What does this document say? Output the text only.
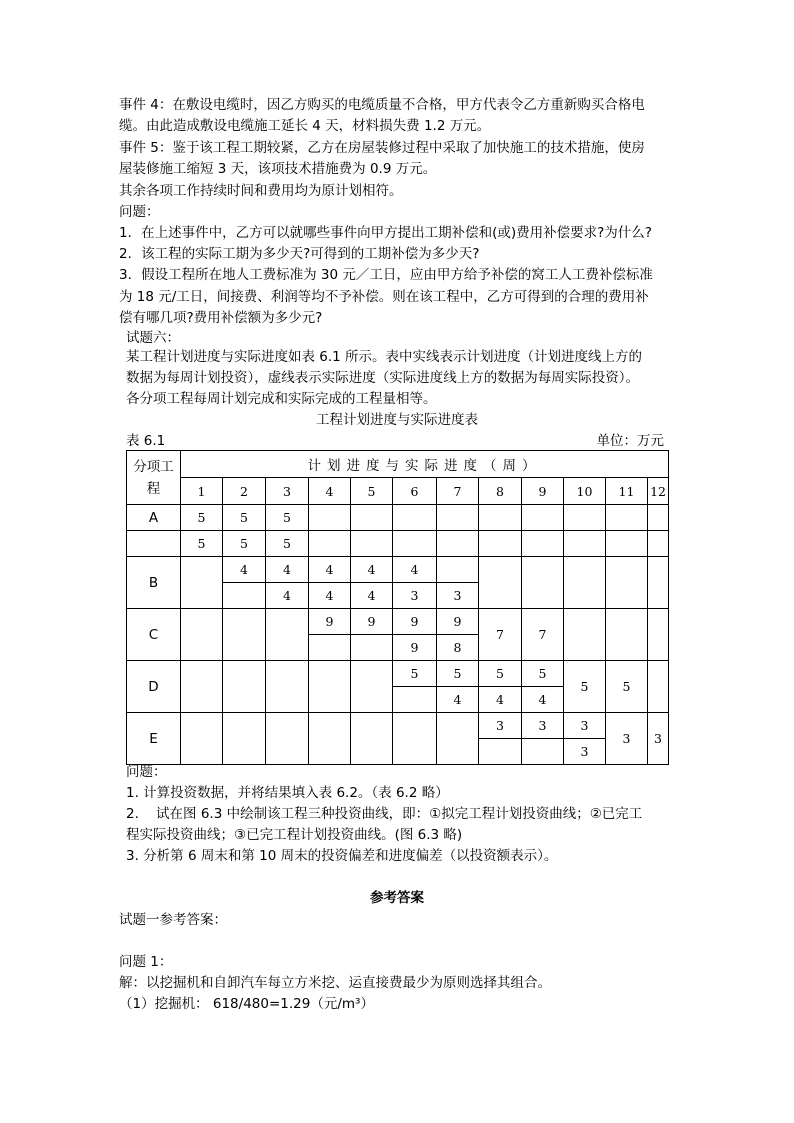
事件 4：在敷设电缆时，因乙方购买的电缆质量不合格，甲方代表令乙方重新购买合格电
缆。由此造成敷设电缆施工延长 4 天，材料损失费 1.2 万元。
事件 5：鉴于该工程工期较紧，乙方在房屋装修过程中采取了加快施工的技术措施，使房
屋装修施工缩短 3 天，该项技术措施费为 0.9 万元。
其余各项工作持续时间和费用均为原计划相符。
问题：
1．在上述事件中，乙方可以就哪些事件向甲方提出工期补偿和(或)费用补偿要求?为什么?
2．该工程的实际工期为多少天?可得到的工期补偿为多少天?
3．假设工程所在地人工费标准为 30 元／工日，应由甲方给予补偿的窝工人工费补偿标准
为 18 元/工日，间接费、利润等均不予补偿。则在该工程中，乙方可得到的合理的费用补
偿有哪几项?费用补偿额为多少元?
试题六：
某工程计划进度与实际进度如表 6.1 所示。表中实线表示计划进度（计划进度线上方的
数据为每周计划投资），虚线表示实际进度（实际进度线上方的数据为每周实际投资）。
各分项工程每周计划完成和实际完成的工程量相等。
工程计划进度与实际进度表
表 6.1	单位：万元
分项工程	计划进度与实际进度（周）											
	1	2	3	4	5	6	7	8	9	10	11	12
A	5	5	5									
	5	5	5									
B		4	4	4	4	4						
			4	4	4	3	3					
C				9	9	9	9	7	7			
						9	8					
D						5	5	5	5	5	5	
							4	4	4			
E								3	3	3	3	3
										3		
问题：
1. 计算投资数据，并将结果填入表 6.2。（表 6.2 略）
2.    试在图 6.3 中绘制该工程三种投资曲线，即：①拟完工程计划投资曲线；②已完工
程实际投资曲线；③已完工程计划投资曲线。(图 6.3 略)
3. 分析第 6 周末和第 10 周末的投资偏差和进度偏差（以投资额表示）。
参考答案
试题一参考答案：
问题 1：
解：以挖掘机和自卸汽车每立方米挖、运直接费最少为原则选择其组合。
（1）挖掘机： 618/480=1.29（元/m³）
